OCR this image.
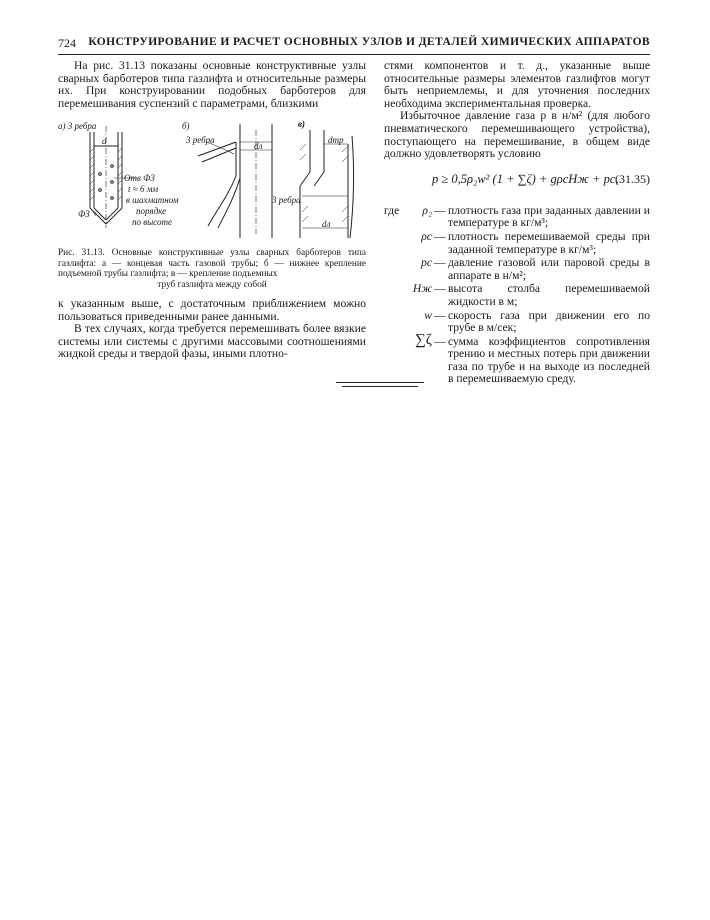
724 КОНСТРУИРОВАНИЕ И РАСЧЕТ ОСНОВНЫХ УЗЛОВ И ДЕТАЛЕЙ ХИМИЧЕСКИХ АППАРАТОВ

На рис. 31.13 показаны основные конструктивные узлы сварных барботеров типа газлифта и относительные размеры их. При конструировании подобных барботеров для перемешивания суспензий с параметрами, близкими

а) 3 ребра
d
Отв Ф3
t ≈ 6 мм
в шахматном
порядке
по высоте
Ф3
б)
3 ребра
dл
в)
dтр
3 ребра
dл
Рис. 31.13. Основные конструктивные узлы сварных барботеров типа газлифта: а — концевая часть газовой трубы; б — нижнее крепление подъемной трубы газлифта; в — крепление подъемных
труб газлифта между собой

к указанным выше, с достаточным приближением можно пользоваться приведенными ранее данными.

В тех случаях, когда требуется перемешивать более вязкие системы или системы с другими массовыми соотношениями жидкой среды и твердой фазы, иными плотно-

стями компонентов и т. д., указанные выше относительные размеры элементов газлифтов могут быть неприемлемы, и для уточнения последних необходима экспериментальная проверка.

Избыточное давление газа p в н/м² (для любого пневматического перемешивающего устройства), поступающего на перемешивание, в общем виде должно удовлетворять условию

p ≥ 0,5ρ₂w² (1 + ∑ζ) + gρсHж + pс,
(31.35)
где	ρ₂ — плотность газа при заданных давлении и температуре в кг/м³;
ρс — плотность перемешиваемой среды при заданной температуре в кг/м³;
pс — давление газовой или паровой среды в аппарате в н/м²;
Hж — высота столба перемешиваемой жидкости в м;
w — скорость газа при движении его по трубе в м/сек;
∑ζ — сумма коэффициентов сопротивления трению и местных потерь при движении газа по трубе и на выходе из последней в перемешиваемую среду.
